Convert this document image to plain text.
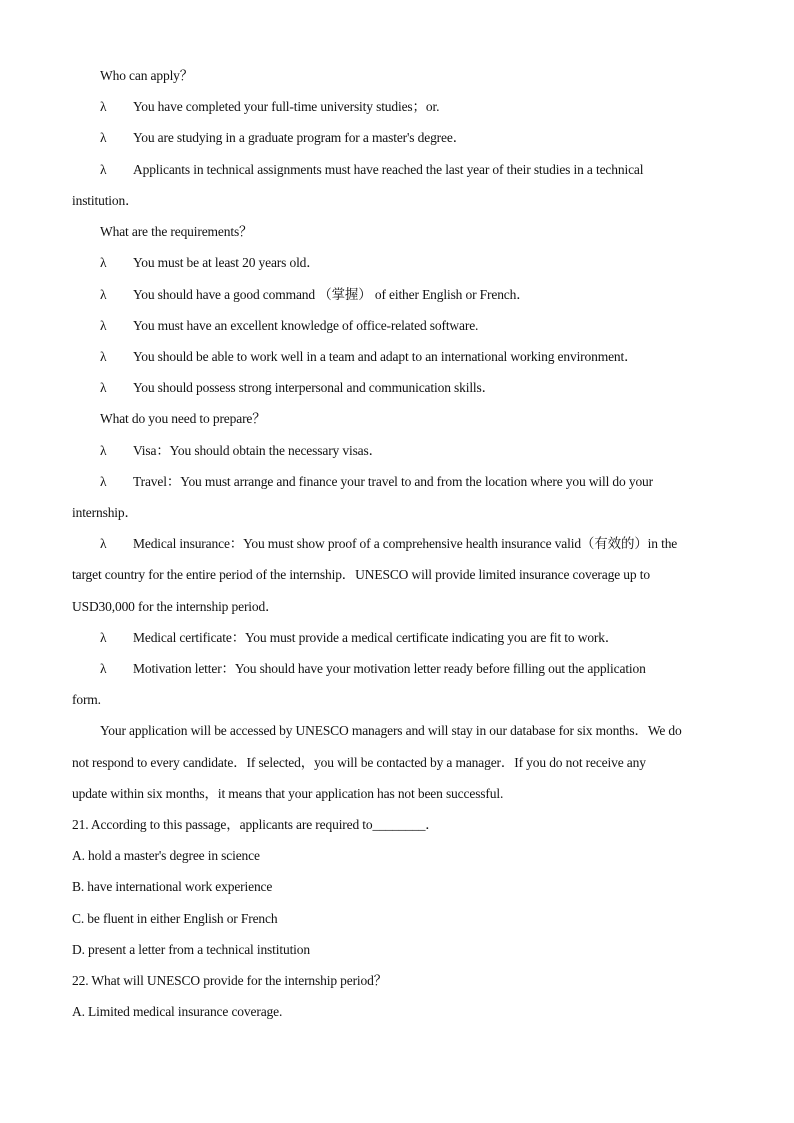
Who can apply？
λ You have completed your full-time university studies；or.
λ You are studying in a graduate program for a master's degree．
λ Applicants in technical assignments must have reached the last year of their studies in a technical
institution．
What are the requirements？
λ You must be at least 20 years old．
λ You should have a good command （掌握） of either English or French．
λ You must have an excellent knowledge of office-related software.
λ You should be able to work well in a team and adapt to an international working environment．
λ You should possess strong interpersonal and communication skills．
What do you need to prepare？
λ Visa：You should obtain the necessary visas．
λ Travel：You must arrange and finance your travel to and from the location where you will do your
internship．
λ Medical insurance：You must show proof of a comprehensive health insurance valid（有效的）in the
target country for the entire period of the internship．UNESCO will provide limited insurance coverage up to
USD30,000 for the internship period．
λ Medical certificate：You must provide a medical certificate indicating you are fit to work．
λ Motivation letter：You should have your motivation letter ready before filling out the application
form.
Your application will be accessed by UNESCO managers and will stay in our database for six months．We do
not respond to every candidate．If selected，you will be contacted by a manager．If you do not receive any
update within six months，it means that your application has not been successful.
21. According to this passage，applicants are required to________．
A. hold a master's degree in science
B. have international work experience
C. be fluent in either English or French
D. present a letter from a technical institution
22. What will UNESCO provide for the internship period？
A. Limited medical insurance coverage.
